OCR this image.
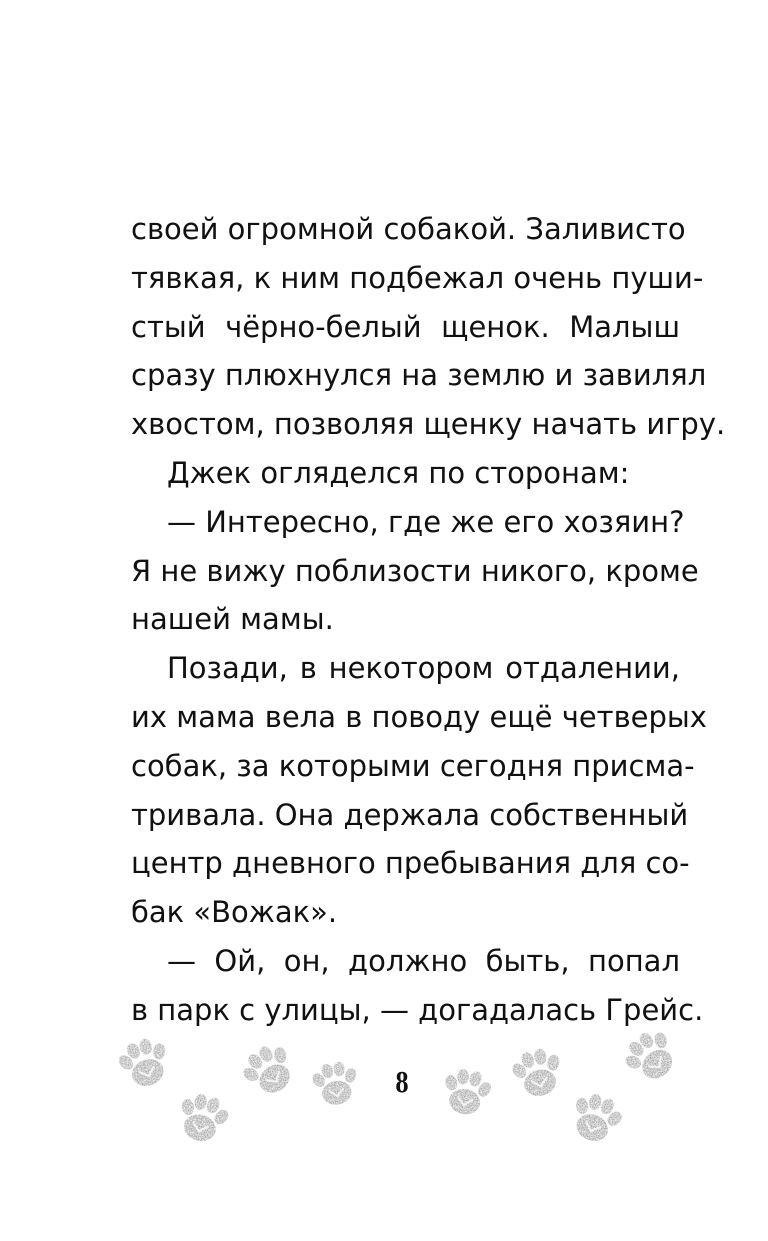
своей огромной собакой. Заливисто
тявкая, к ним подбежал очень пуши-
стый чёрно-белый щенок. Малыш
сразу плюхнулся на землю и завилял
хвостом, позволяя щенку начать игру.
Джек огляделся по сторонам:
— Интересно, где же его хозяин?
Я не вижу поблизости никого, кроме
нашей мамы.
Позади, в некотором отдалении,
их мама вела в поводу ещё четверых
собак, за которыми сегодня присма-
тривала. Она держала собственный
центр дневного пребывания для со-
бак «Вожак».
— Ой, он, должно быть, попал
в парк с улицы, — догадалась Грейс.
8
